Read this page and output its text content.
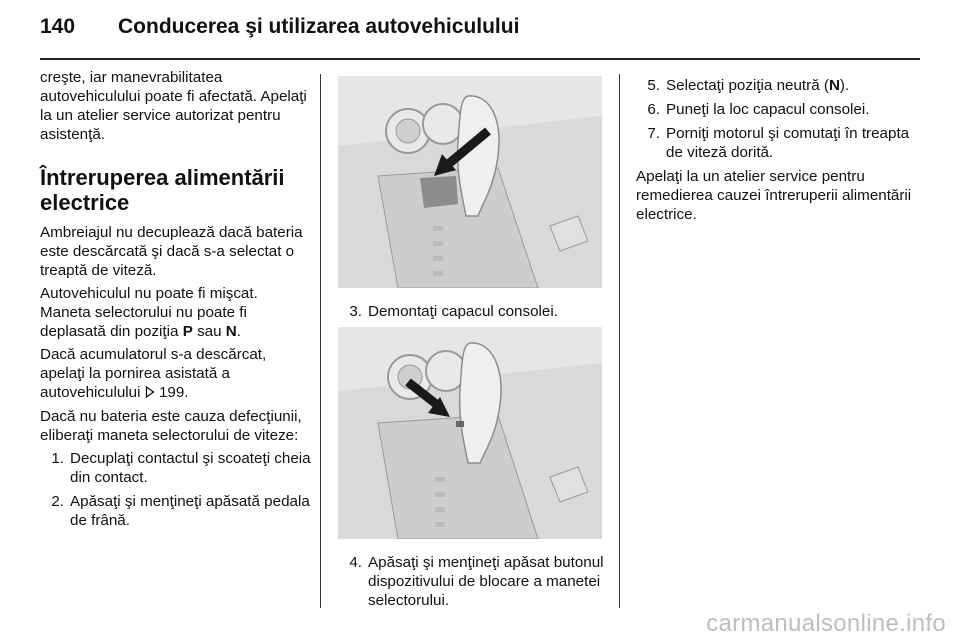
140 Conducerea şi utilizarea autovehiculului

creşte, iar manevrabilitatea autovehiculului poate fi afectată. Apelaţi la un atelier service autorizat pentru asistenţă.

Întreruperea alimentării electrice

Ambreiajul nu decuplează dacă bateria este descărcată şi dacă s-a selectat o treaptă de viteză.

Autovehiculul nu poate fi mişcat. Maneta selectorului nu poate fi deplasată din poziţia P sau N.

Dacă acumulatorul s-a descărcat, apelaţi la pornirea asistată a autovehiculului  199.

Dacă nu bateria este cauza defecţiunii, eliberaţi maneta selectorului de viteze:

1. Decuplaţi contactul şi scoateţi cheia din contact.
2. Apăsaţi şi menţineţi apăsată pedala de frână.
3. Demontaţi capacul consolei.
4. Apăsaţi şi menţineţi apăsat butonul dispozitivului de blocare a manetei selectorului.
5. Selectaţi poziţia neutră (N).
6. Puneţi la loc capacul consolei.
7. Porniţi motorul şi comutaţi în treapta de viteză dorită.

Apelaţi la un atelier service pentru remedierea cauzei întreruperii alimentării electrice.

carmanualsonline.info
